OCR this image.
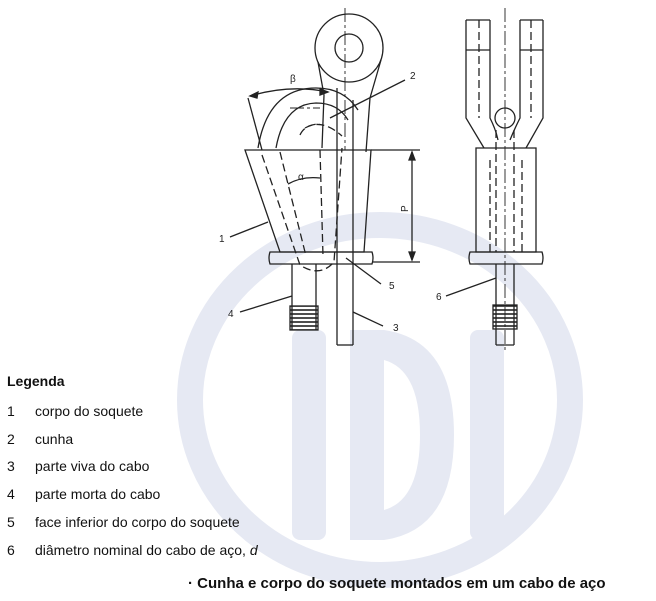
β
α
P
1
2
3
4
5
6
Legenda
1	corpo do soquete
2	cunha
3	parte viva do cabo
4	parte morta do cabo
5	face inferior do corpo do soquete
6	diâmetro nominal do cabo de aço, d
· Cunha e corpo do soquete montados em um cabo de aço
